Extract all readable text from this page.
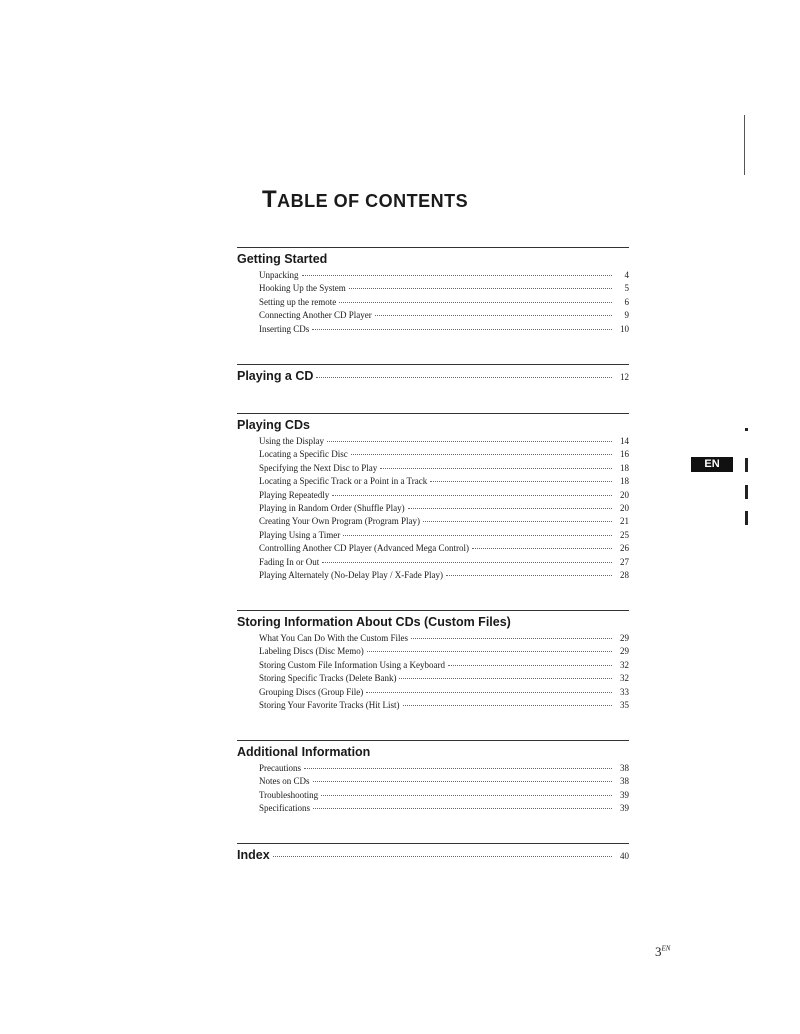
TABLE OF CONTENTS
Getting Started
Unpacking	4
Hooking Up the System	5
Setting up the remote	6
Connecting Another CD Player	9
Inserting CDs	10
Playing a CD	12
Playing CDs
Using the Display	14
Locating a Specific Disc	16
Specifying the Next Disc to Play	18
Locating a Specific Track or a Point in a Track	18
Playing Repeatedly	20
Playing in Random Order (Shuffle Play)	20
Creating Your Own Program (Program Play)	21
Playing Using a Timer	25
Controlling Another CD Player (Advanced Mega Control)	26
Fading In or Out	27
Playing Alternately (No-Delay Play / X-Fade Play)	28
Storing Information About CDs (Custom Files)
What You Can Do With the Custom Files	29
Labeling Discs (Disc Memo)	29
Storing Custom File Information Using a Keyboard	32
Storing Specific Tracks (Delete Bank)	32
Grouping Discs (Group File)	33
Storing Your Favorite Tracks (Hit List)	35
Additional Information
Precautions	38
Notes on CDs	38
Troubleshooting	39
Specifications	39
Index	40
EN
$3^{EN}$
